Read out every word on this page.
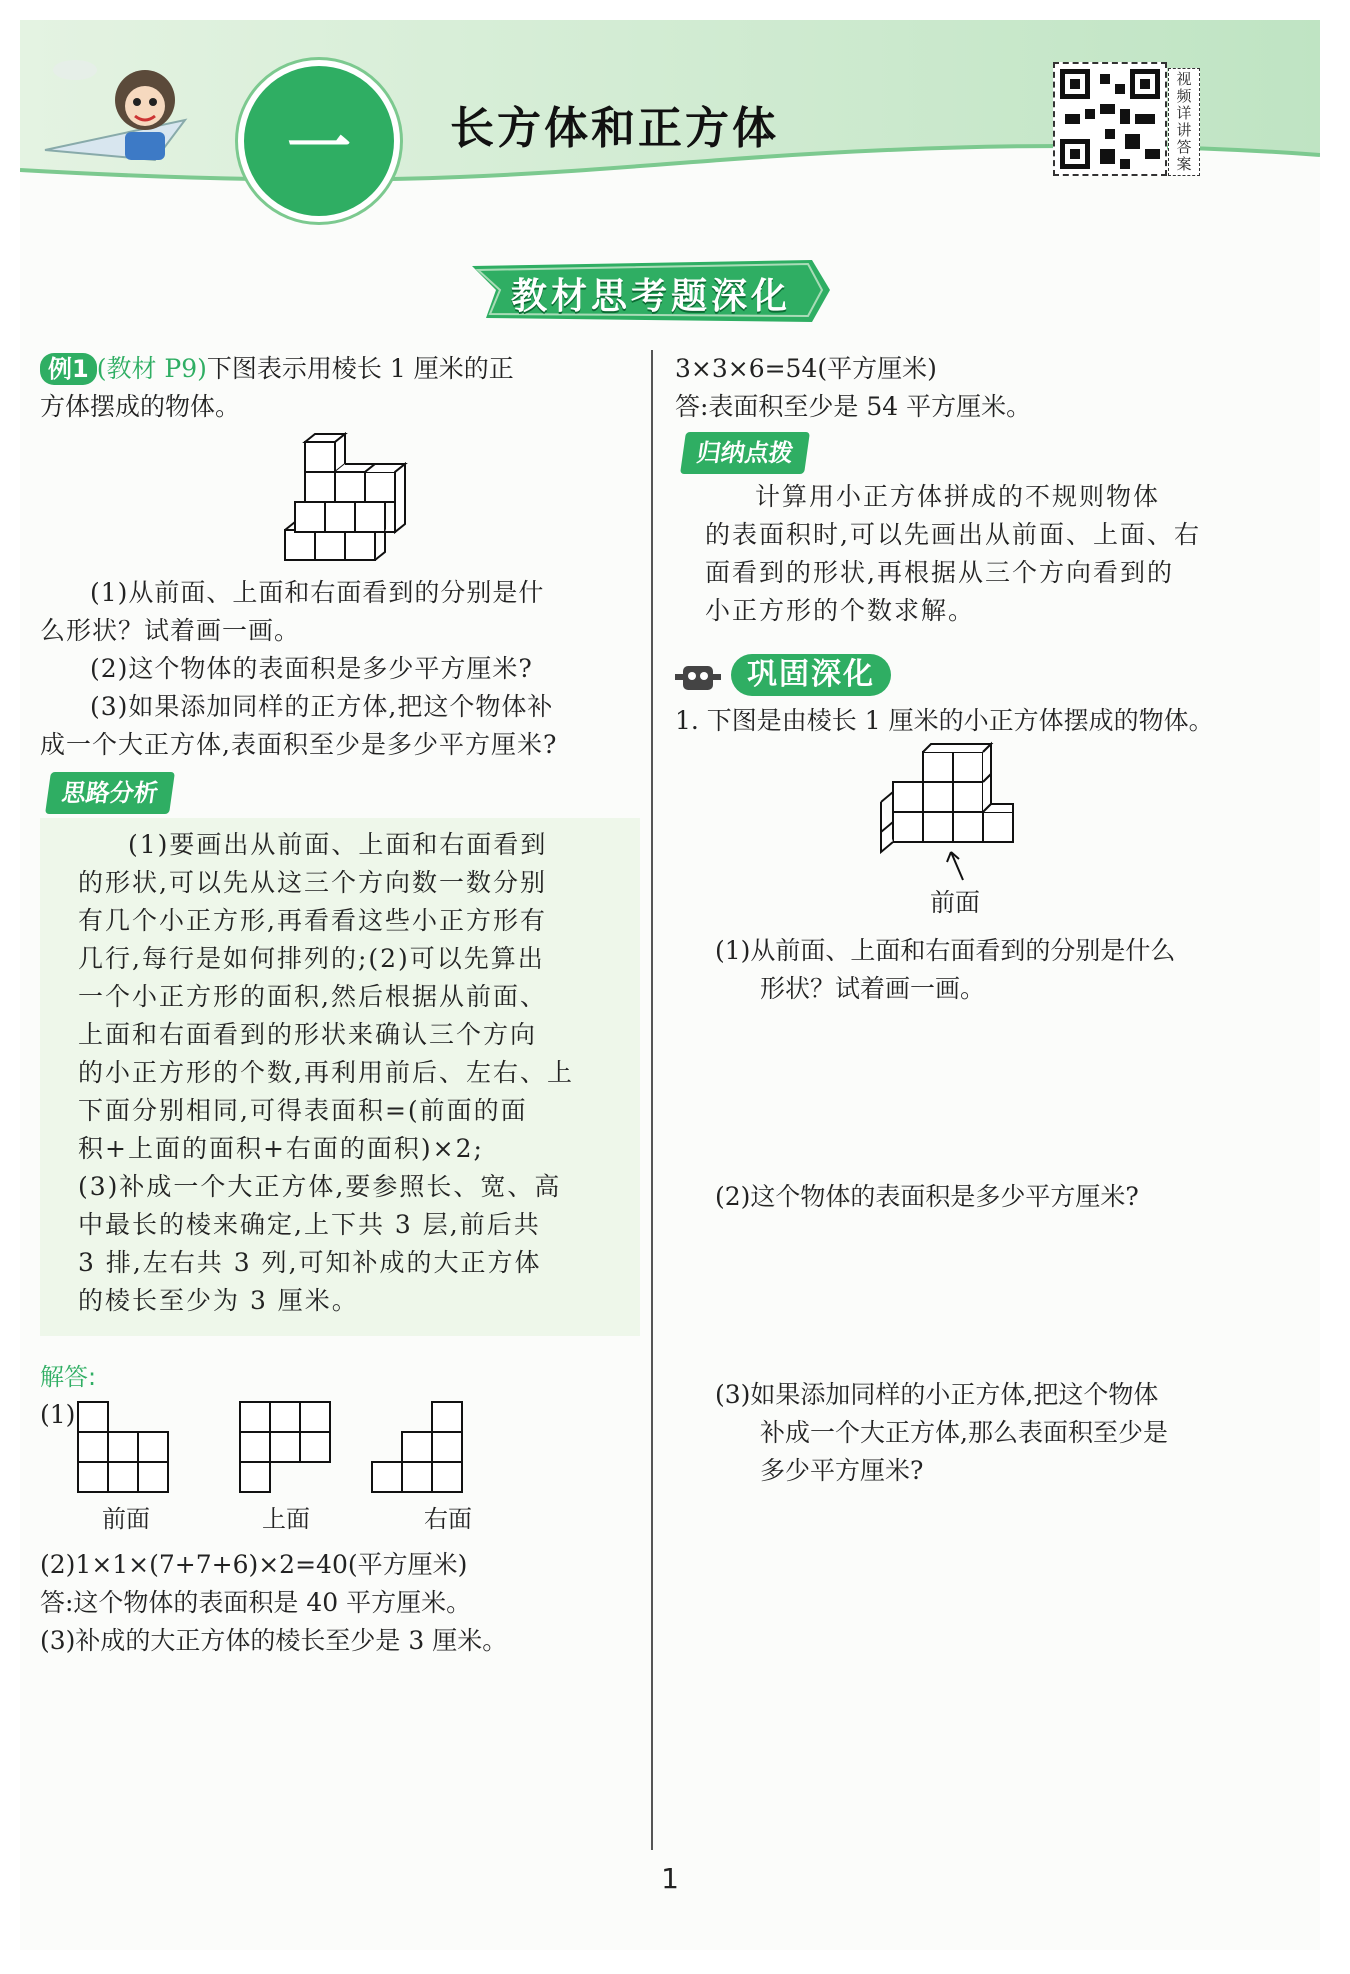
一	长方体和正方体
视频详讲答案
教材思考题深化

例1 (教材 P9)下图表示用棱长 1 厘米的正

方体摆成的物体。

(1)从前面、上面和右面看到的分别是什

么形状？试着画一画。

(2)这个物体的表面积是多少平方厘米?

(3)如果添加同样的正方体,把这个物体补

成一个大正方体,表面积至少是多少平方厘米?

思路分析

(1)要画出从前面、上面和右面看到

的形状,可以先从这三个方向数一数分别

有几个小正方形,再看看这些小正方形有

几行,每行是如何排列的;(2)可以先算出

一个小正方形的面积,然后根据从前面、

上面和右面看到的形状来确认三个方向

的小正方形的个数,再利用前后、左右、上

下面分别相同,可得表面积=(前面的面

积+上面的面积+右面的面积)×2;

(3)补成一个大正方体,要参照长、宽、高

中最长的棱来确定,上下共 3 层,前后共

3 排,左右共 3 列,可知补成的大正方体

的棱长至少为 3 厘米。

解答:

(1)
前面	上面	右面

(2)1×1×(7+7+6)×2=40(平方厘米)

答:这个物体的表面积是 40 平方厘米。

(3)补成的大正方体的棱长至少是 3 厘米。

3×3×6=54(平方厘米)

答:表面积至少是 54 平方厘米。

归纳点拨

计算用小正方体拼成的不规则物体

的表面积时,可以先画出从前面、上面、右

面看到的形状,再根据从三个方向看到的

小正方形的个数求解。

巩固深化

1. 下图是由棱长 1 厘米的小正方体摆成的物体。

前面

(1)从前面、上面和右面看到的分别是什么

形状？试着画一画。

(2)这个物体的表面积是多少平方厘米?

(3)如果添加同样的小正方体,把这个物体

补成一个大正方体,那么表面积至少是

多少平方厘米?

1
